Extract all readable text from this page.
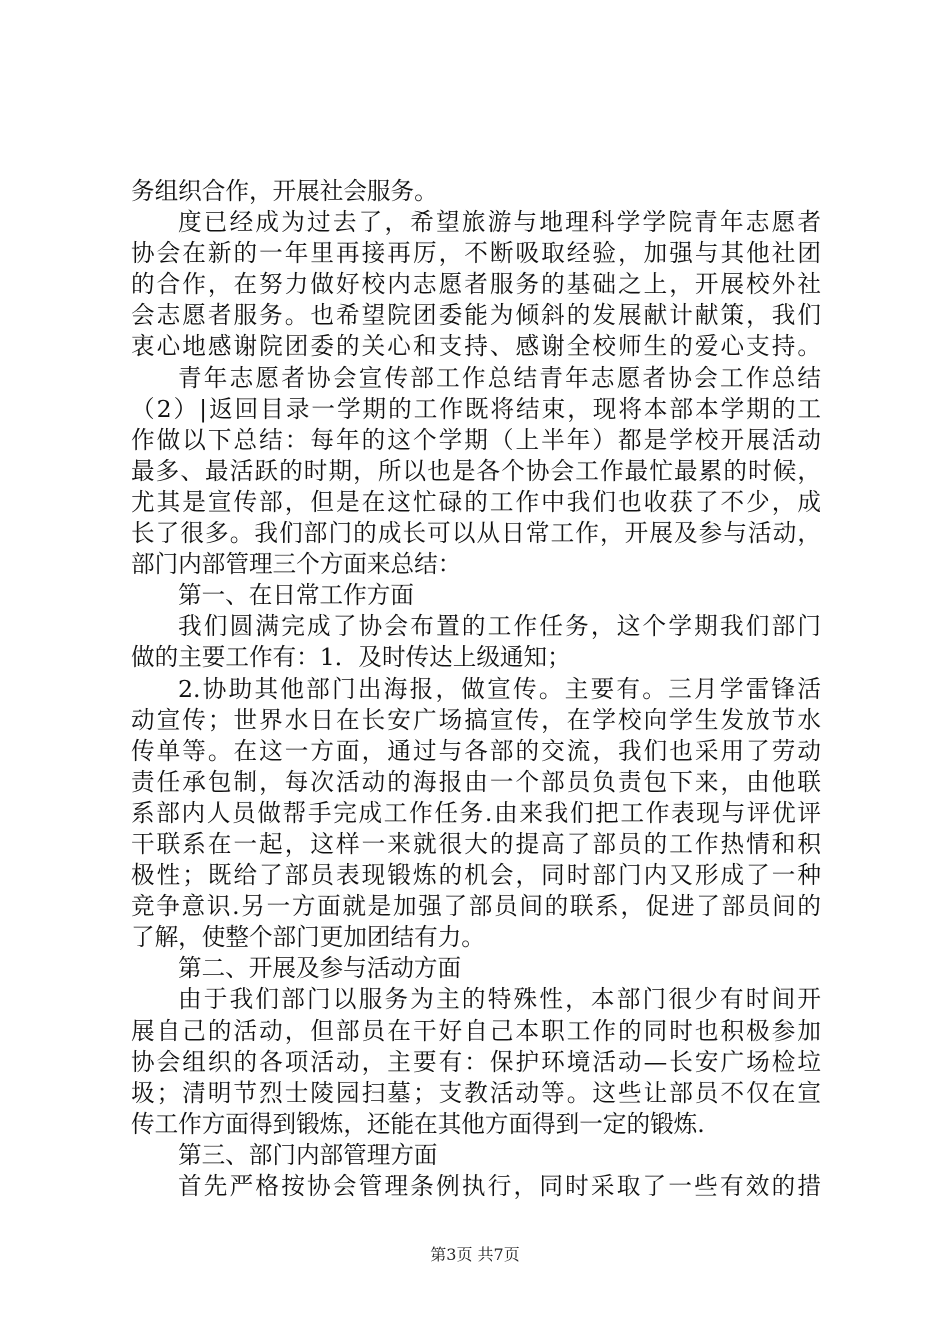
务组织合作，开展社会服务。
度已经成为过去了，希望旅游与地理科学学院青年志愿者
协会在新的一年里再接再厉，不断吸取经验，加强与其他社团
的合作，在努力做好校内志愿者服务的基础之上，开展校外社
会志愿者服务。也希望院团委能为倾斜的发展献计献策，我们
衷心地感谢院团委的关心和支持、感谢全校师生的爱心支持。
青年志愿者协会宣传部工作总结青年志愿者协会工作总结
（2）|返回目录一学期的工作既将结束，现将本部本学期的工
作做以下总结：每年的这个学期（上半年）都是学校开展活动
最多、最活跃的时期，所以也是各个协会工作最忙最累的时候，
尤其是宣传部，但是在这忙碌的工作中我们也收获了不少，成
长了很多。我们部门的成长可以从日常工作，开展及参与活动，
部门内部管理三个方面来总结：
第一、在日常工作方面
我们圆满完成了协会布置的工作任务，这个学期我们部门
做的主要工作有：1．及时传达上级通知；
2.协助其他部门出海报，做宣传。主要有。三月学雷锋活
动宣传；世界水日在长安广场搞宣传，在学校向学生发放节水
传单等。在这一方面，通过与各部的交流，我们也采用了劳动
责任承包制，每次活动的海报由一个部员负责包下来，由他联
系部内人员做帮手完成工作任务.由来我们把工作表现与评优评
干联系在一起，这样一来就很大的提高了部员的工作热情和积
极性；既给了部员表现锻炼的机会，同时部门内又形成了一种
竞争意识.另一方面就是加强了部员间的联系，促进了部员间的
了解，使整个部门更加团结有力。
第二、开展及参与活动方面
由于我们部门以服务为主的特殊性，本部门很少有时间开
展自己的活动，但部员在干好自己本职工作的同时也积极参加
协会组织的各项活动，主要有：保护环境活动—长安广场检垃
圾；清明节烈士陵园扫墓；支教活动等。这些让部员不仅在宣
传工作方面得到锻炼，还能在其他方面得到一定的锻炼.
第三、部门内部管理方面
首先严格按协会管理条例执行，同时采取了一些有效的措
第3页 共7页
